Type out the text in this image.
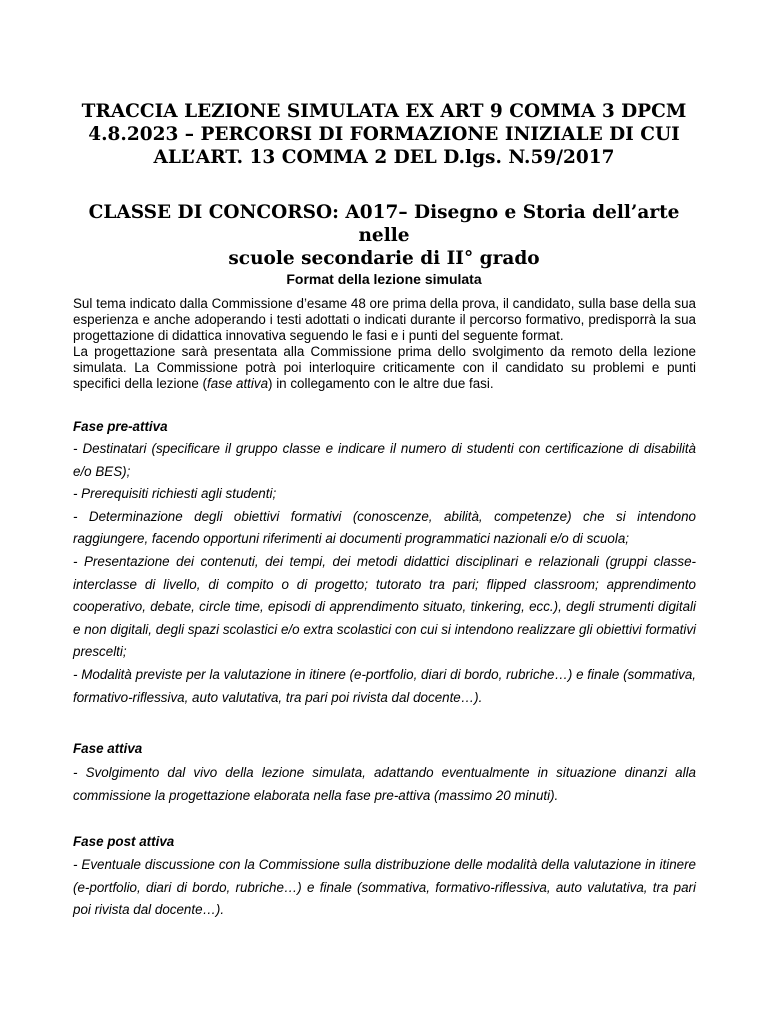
TRACCIA LEZIONE SIMULATA EX ART 9 COMMA 3 DPCM
4.8.2023 – PERCORSI DI FORMAZIONE INIZIALE DI CUI
ALL’ART. 13 COMMA 2 DEL D.lgs. N.59/2017
CLASSE DI CONCORSO: A017– Disegno e Storia dell’arte nelle
scuole secondarie di II° grado
Format della lezione simulata
Sul tema indicato dalla Commissione d’esame 48 ore prima della prova, il candidato, sulla base della sua esperienza e anche adoperando i testi adottati o indicati durante il percorso formativo, predisporrà la sua progettazione di didattica innovativa seguendo le fasi e i punti del seguente format.
La progettazione sarà presentata alla Commissione prima dello svolgimento da remoto della lezione simulata. La Commissione potrà poi interloquire criticamente con il candidato su problemi e punti specifici della lezione (fase attiva) in collegamento con le altre due fasi.
Fase pre-attiva

- Destinatari (specificare il gruppo classe e indicare il numero di studenti con certificazione di disabilità e/o BES);

- Prerequisiti richiesti agli studenti;

- Determinazione degli obiettivi formativi (conoscenze, abilità, competenze) che si intendono raggiungere, facendo opportuni riferimenti ai documenti programmatici nazionali e/o di scuola;

- Presentazione dei contenuti, dei tempi, dei metodi didattici disciplinari e relazionali (gruppi classe-interclasse di livello, di compito o di progetto; tutorato tra pari; flipped classroom; apprendimento cooperativo, debate, circle time, episodi di apprendimento situato, tinkering, ecc.), degli strumenti digitali e non digitali, degli spazi scolastici e/o extra scolastici con cui si intendono realizzare gli obiettivi formativi prescelti;

- Modalità previste per la valutazione in itinere (e-portfolio, diari di bordo, rubriche…) e finale (sommativa, formativo-riflessiva, auto valutativa, tra pari poi rivista dal docente…).

Fase attiva

- Svolgimento dal vivo della lezione simulata, adattando eventualmente in situazione dinanzi alla commissione la progettazione elaborata nella fase pre-attiva (massimo 20 minuti).

Fase post attiva

- Eventuale discussione con la Commissione sulla distribuzione delle modalità della valutazione in itinere (e-portfolio, diari di bordo, rubriche…) e finale (sommativa, formativo-riflessiva, auto valutativa, tra pari poi rivista dal docente…).
